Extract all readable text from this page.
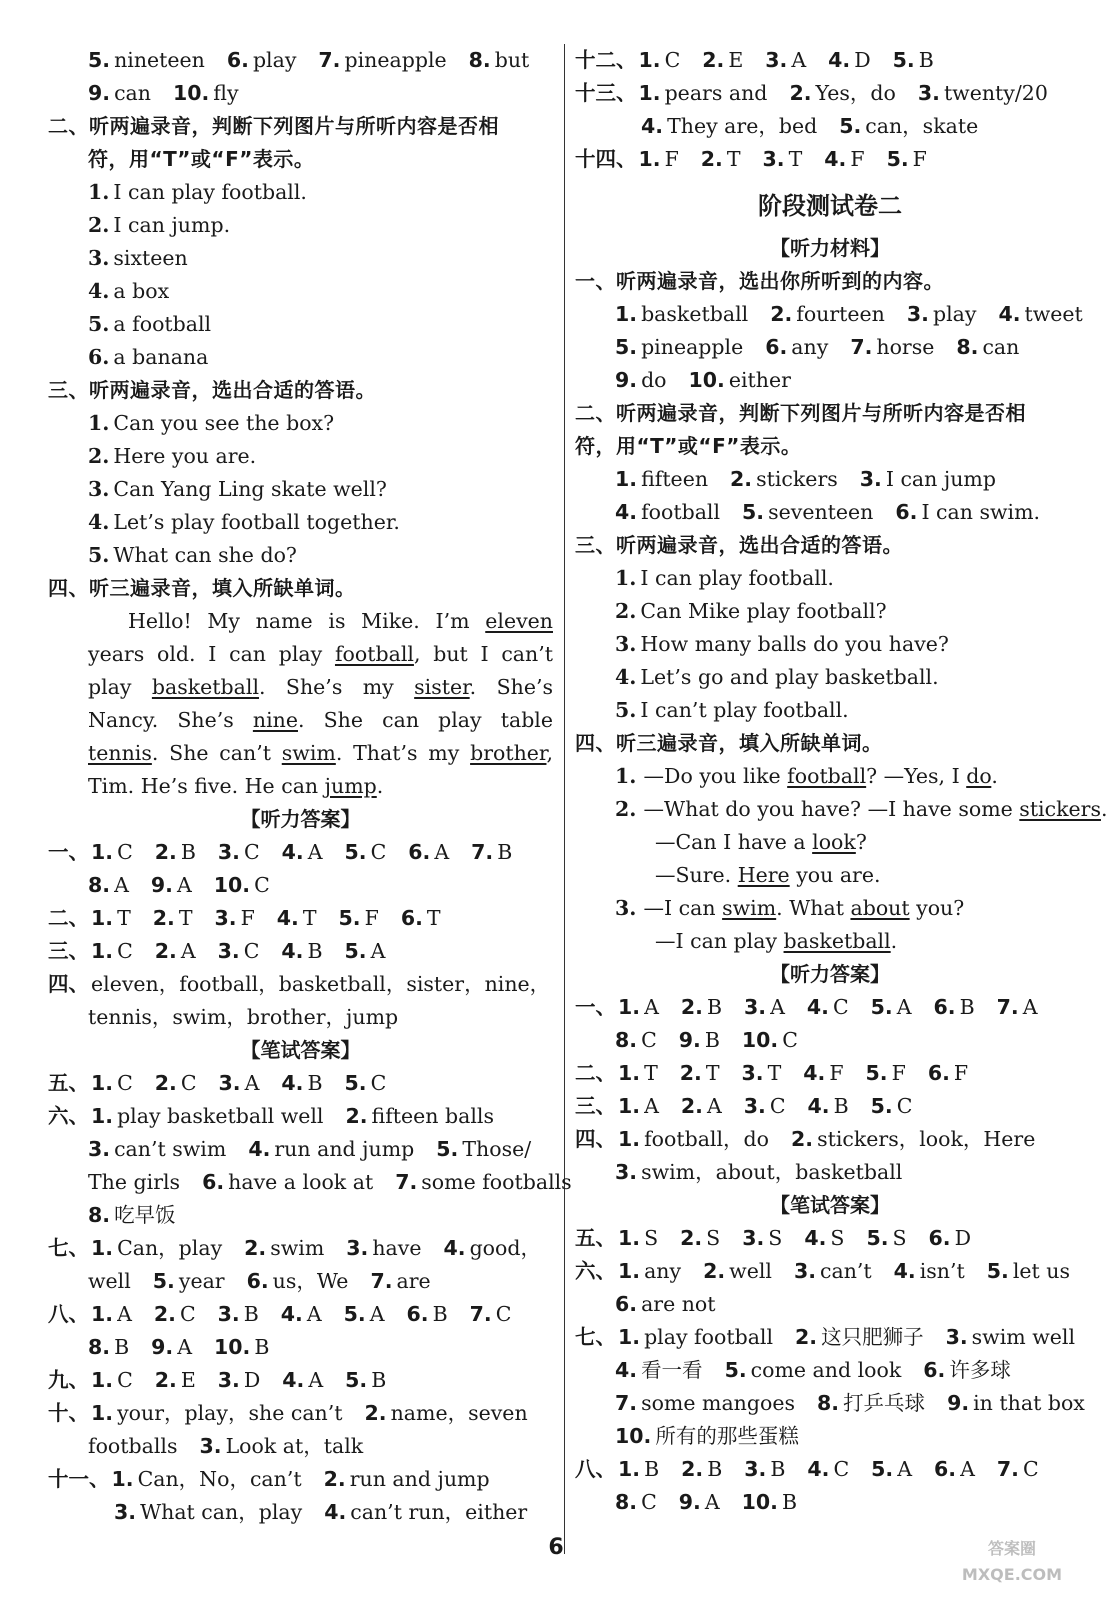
5. nineteen 6. play 7. pineapple 8. but
9. can 10. fly
二、听两遍录音，判断下列图片与所听内容是否相
符，用“T”或“F”表示。
1. I can play football.
2. I can jump.
3. sixteen
4. a box
5. a football
6. a banana
三、听两遍录音，选出合适的答语。
1. Can you see the box?
2. Here you are.
3. Can Yang Ling skate well?
4. Let’s play football together.
5. What can she do?
四、听三遍录音，填入所缺单词。
Hello! My name is Mike. I’m eleven years old. I can play football, but I can’t play basketball. She’s my sister. She’s Nancy. She’s nine. She can play table tennis. She can’t swim. That’s my brother, Tim. He’s five. He can jump.
【听力答案】
一、1. C 2. B 3. C 4. A 5. C 6. A 7. B
8. A 9. A 10. C
二、1. T 2. T 3. F 4. T 5. F 6. T
三、1. C 2. A 3. C 4. B 5. A
四、eleven，football，basketball，sister，nine，
tennis，swim，brother，jump
【笔试答案】
五、1. C 2. C 3. A 4. B 5. C
六、1. play basketball well 2. fifteen balls
3. can’t swim 4. run and jump 5. Those/
The girls 6. have a look at 7. some footballs
8. 吃早饭
七、1. Can，play 2. swim 3. have 4. good，
well 5. year 6. us，We 7. are
八、1. A 2. C 3. B 4. A 5. A 6. B 7. C
8. B 9. A 10. B
九、1. C 2. E 3. D 4. A 5. B
十、1. your，play，she can’t 2. name，seven
footballs 3. Look at，talk
十一、1. Can，No，can’t 2. run and jump
3. What can，play 4. can’t run，either
十二、1. C 2. E 3. A 4. D 5. B
十三、1. pears and 2. Yes，do 3. twenty/20
4. They are，bed 5. can，skate
十四、1. F 2. T 3. T 4. F 5. F
阶段测试卷二
【听力材料】
一、听两遍录音，选出你所听到的内容。
1. basketball 2. fourteen 3. play 4. tweet
5. pineapple 6. any 7. horse 8. can
9. do 10. either
二、听两遍录音，判断下列图片与所听内容是否相
符，用“T”或“F”表示。
1. fifteen 2. stickers 3. I can jump
4. football 5. seventeen 6. I can swim.
三、听两遍录音，选出合适的答语。
1. I can play football.
2. Can Mike play football?
3. How many balls do you have?
4. Let’s go and play basketball.
5. I can’t play football.
四、听三遍录音，填入所缺单词。
1. —Do you like football? —Yes, I do.
2. —What do you have? —I have some stickers.
—Can I have a look?
—Sure. Here you are.
3. —I can swim. What about you?
—I can play basketball.
【听力答案】
一、1. A 2. B 3. A 4. C 5. A 6. B 7. A
8. C 9. B 10. C
二、1. T 2. T 3. T 4. F 5. F 6. F
三、1. A 2. A 3. C 4. B 5. C
四、1. football，do 2. stickers，look，Here
3. swim，about，basketball
【笔试答案】
五、1. S 2. S 3. S 4. S 5. S 6. D
六、1. any 2. well 3. can’t 4. isn’t 5. let us
6. are not
七、1. play football 2. 这只肥狮子 3. swim well
4. 看一看 5. come and look 6. 许多球
7. some mangoes 8. 打乒乓球 9. in that box
10. 所有的那些蛋糕
八、1. B 2. B 3. B 4. C 5. A 6. A 7. C
8. C 9. A 10. B
6	答案圈
MXQE.COM
